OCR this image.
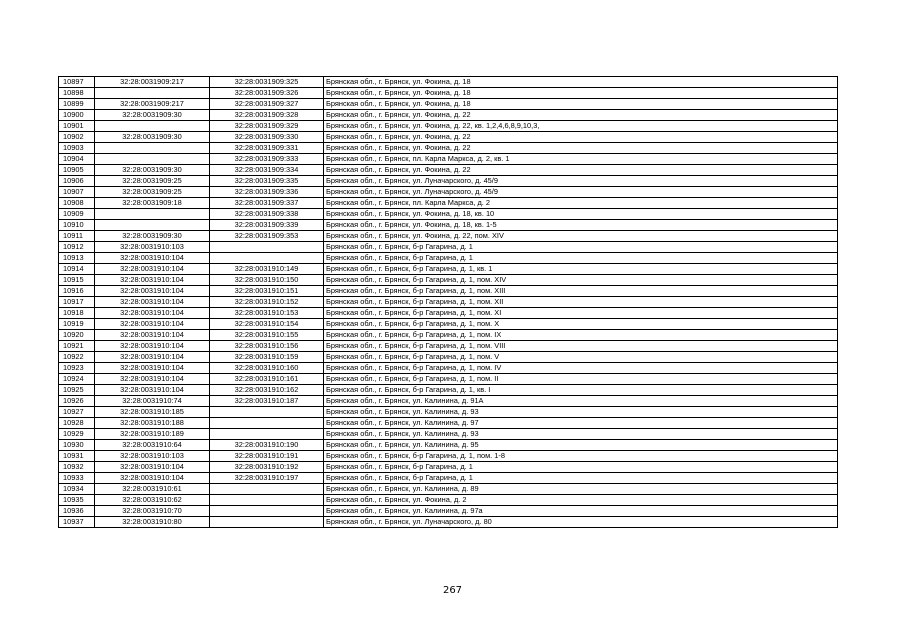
10897	32:28:0031909:217	32:28:0031909:325	Брянская обл., г. Брянск, ул. Фокина, д. 18
10898		32:28:0031909:326	Брянская обл., г. Брянск, ул. Фокина, д. 18
10899	32:28:0031909:217	32:28:0031909:327	Брянская обл., г. Брянск, ул. Фокина, д. 18
10900	32:28:0031909:30	32:28:0031909:328	Брянская обл., г. Брянск, ул. Фокина, д. 22
10901		32:28:0031909:329	Брянская обл., г. Брянск, ул. Фокина, д. 22, кв. 1,2,4,6,8,9,10,3,
10902	32:28:0031909:30	32:28:0031909:330	Брянская обл., г. Брянск, ул. Фокина, д. 22
10903		32:28:0031909:331	Брянская обл., г. Брянск, ул. Фокина, д. 22
10904		32:28:0031909:333	Брянская обл., г. Брянск, пл. Карла Маркса, д. 2, кв. 1
10905	32:28:0031909:30	32:28:0031909:334	Брянская обл., г. Брянск, ул. Фокина, д. 22
10906	32:28:0031909:25	32:28:0031909:335	Брянская обл., г. Брянск, ул. Луначарского, д. 45/9
10907	32:28:0031909:25	32:28:0031909:336	Брянская обл., г. Брянск, ул. Луначарского, д. 45/9
10908	32:28:0031909:18	32:28:0031909:337	Брянская обл., г. Брянск, пл. Карла Маркса, д. 2
10909		32:28:0031909:338	Брянская обл., г. Брянск, ул. Фокина, д. 18, кв. 10
10910		32:28:0031909:339	Брянская обл., г. Брянск, ул. Фокина, д. 18, кв. 1-5
10911	32:28:0031909:30	32:28:0031909:353	Брянская обл., г. Брянск, ул. Фокина, д. 22, пом. XIV
10912	32:28:0031910:103		Брянская обл., г. Брянск, б-р Гагарина, д. 1
10913	32:28:0031910:104		Брянская обл., г. Брянск, б-р Гагарина, д. 1
10914	32:28:0031910:104	32:28:0031910:149	Брянская обл., г. Брянск, б-р Гагарина, д. 1, кв. 1
10915	32:28:0031910:104	32:28:0031910:150	Брянская обл., г. Брянск, б-р Гагарина, д. 1, пом. XIV
10916	32:28:0031910:104	32:28:0031910:151	Брянская обл., г. Брянск, б-р Гагарина, д. 1, пом. XIII
10917	32:28:0031910:104	32:28:0031910:152	Брянская обл., г. Брянск, б-р Гагарина, д. 1, пом. XII
10918	32:28:0031910:104	32:28:0031910:153	Брянская обл., г. Брянск, б-р Гагарина, д. 1, пом. XI
10919	32:28:0031910:104	32:28:0031910:154	Брянская обл., г. Брянск, б-р Гагарина, д. 1, пом. X
10920	32:28:0031910:104	32:28:0031910:155	Брянская обл., г. Брянск, б-р Гагарина, д. 1, пом. IX
10921	32:28:0031910:104	32:28:0031910:156	Брянская обл., г. Брянск, б-р Гагарина, д. 1, пом. VIII
10922	32:28:0031910:104	32:28:0031910:159	Брянская обл., г. Брянск, б-р Гагарина, д. 1, пом. V
10923	32:28:0031910:104	32:28:0031910:160	Брянская обл., г. Брянск, б-р Гагарина, д. 1, пом. IV
10924	32:28:0031910:104	32:28:0031910:161	Брянская обл., г. Брянск, б-р Гагарина, д. 1, пом. II
10925	32:28:0031910:104	32:28:0031910:162	Брянская обл., г. Брянск, б-р Гагарина, д. 1, кв. I
10926	32:28:0031910:74	32:28:0031910:187	Брянская обл., г. Брянск, ул. Калинина, д. 91А
10927	32:28:0031910:185		Брянская обл., г. Брянск, ул. Калинина, д. 93
10928	32:28:0031910:188		Брянская обл., г. Брянск, ул. Калинина, д. 97
10929	32:28:0031910:189		Брянская обл., г. Брянск, ул. Калинина, д. 93
10930	32:28:0031910:64	32:28:0031910:190	Брянская обл., г. Брянск, ул. Калинина, д. 95
10931	32:28:0031910:103	32:28:0031910:191	Брянская обл., г. Брянск, б-р Гагарина, д. 1, пом. 1-8
10932	32:28:0031910:104	32:28:0031910:192	Брянская обл., г. Брянск, б-р Гагарина, д. 1
10933	32:28:0031910:104	32:28:0031910:197	Брянская обл., г. Брянск, б-р Гагарина, д. 1
10934	32:28:0031910:61		Брянская обл., г. Брянск, ул. Калинина, д. 89
10935	32:28:0031910:62		Брянская обл., г. Брянск, ул. Фокина, д. 2
10936	32:28:0031910:70		Брянская обл., г. Брянск, ул. Калинина, д. 97а
10937	32:28:0031910:80		Брянская обл., г. Брянск, ул. Луначарского, д. 80
267
